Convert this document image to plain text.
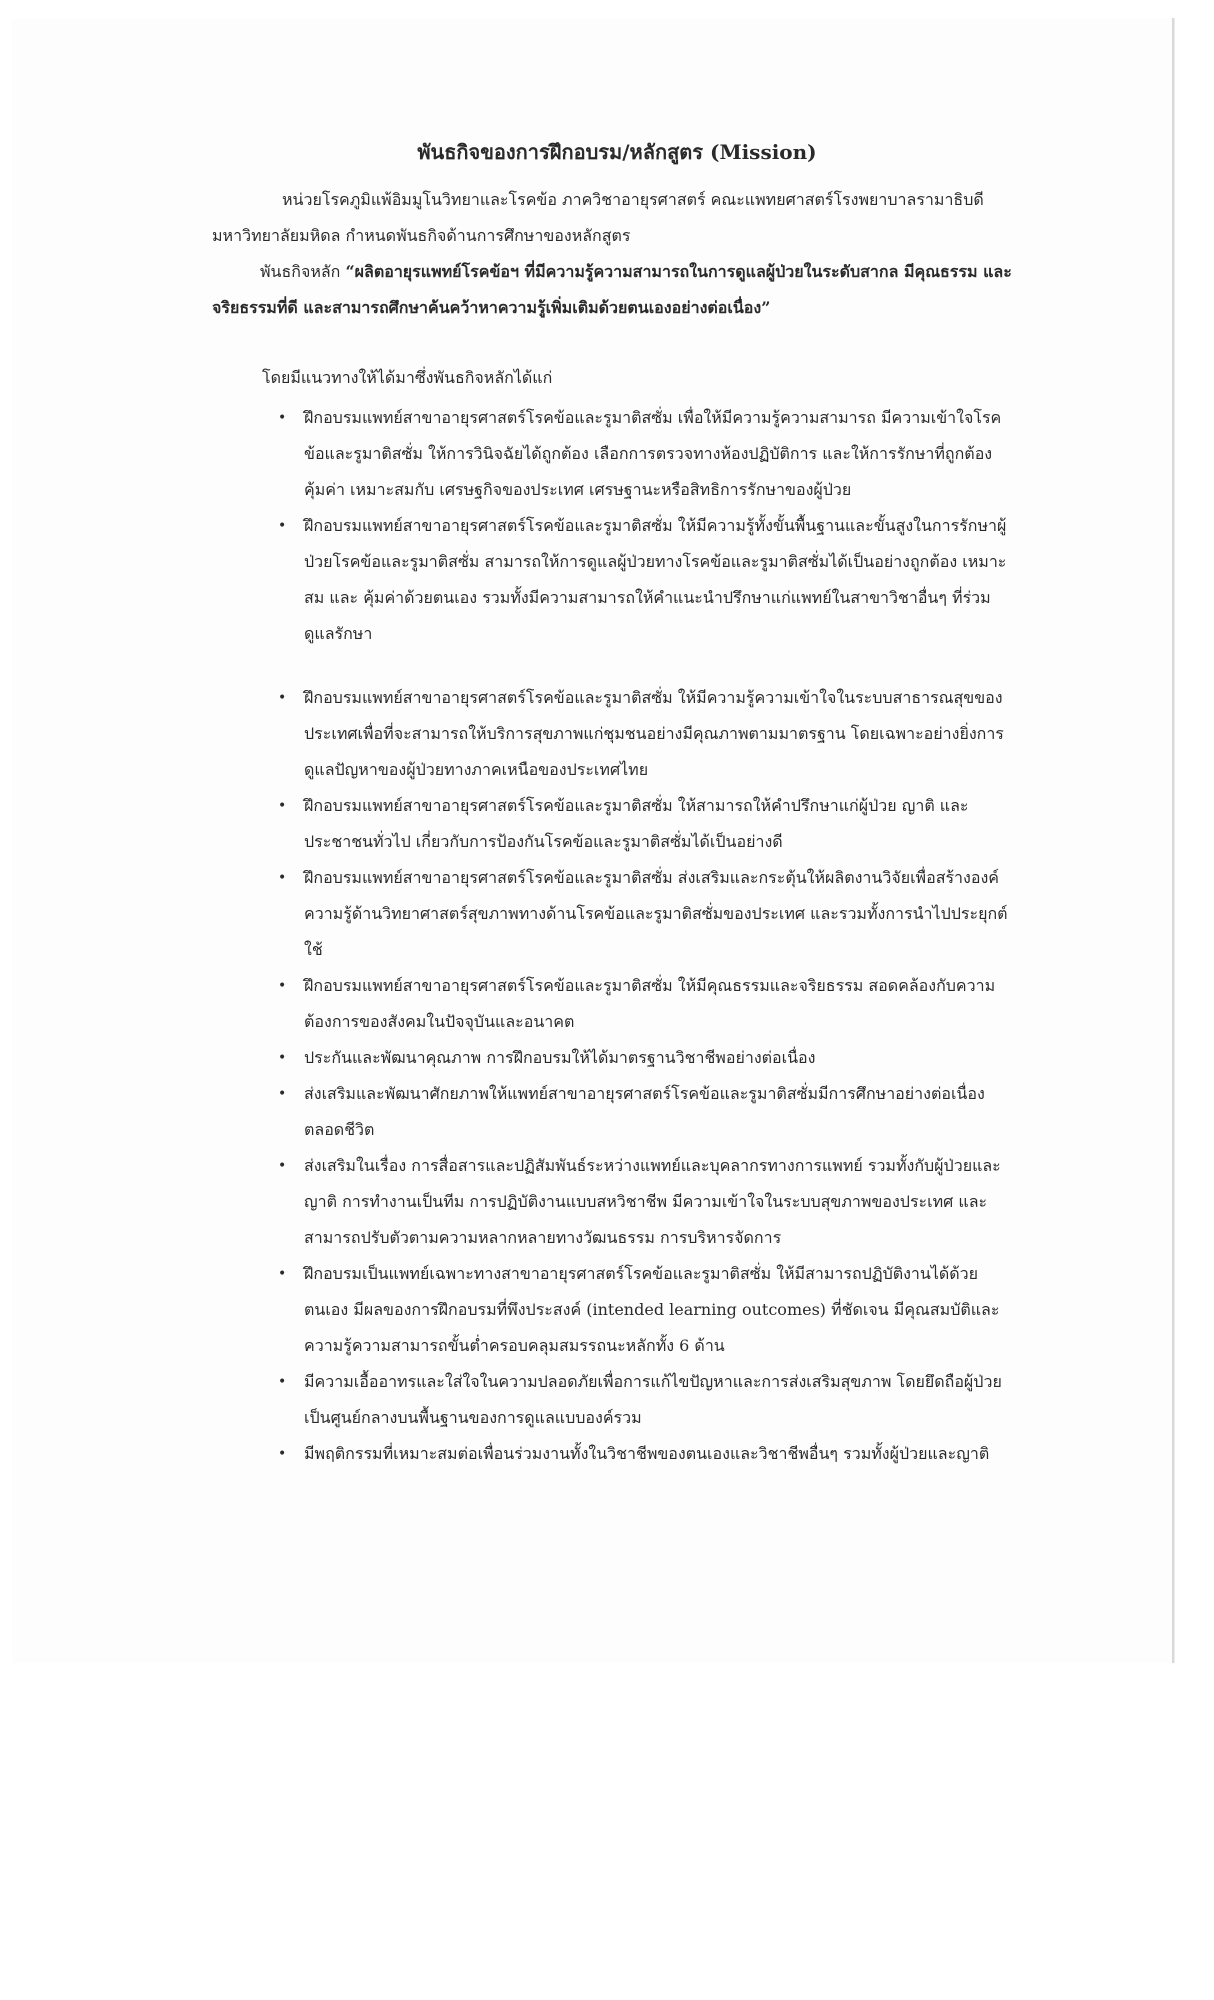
พันธกิจของการฝึกอบรม/หลักสูตร (Mission)

หน่วยโรคภูมิแพ้อิมมูโนวิทยาและโรคข้อ ภาควิชาอายุรศาสตร์ คณะแพทยศาสตร์โรงพยาบาลรามาธิบดี มหาวิทยาลัยมหิดล กำหนดพันธกิจด้านการศึกษาของหลักสูตร

พันธกิจหลัก “ผลิตอายุรแพทย์โรคข้อฯ ที่มีความรู้ความสามารถในการดูแลผู้ป่วยในระดับสากล มีคุณธรรม และจริยธรรมที่ดี และสามารถศึกษาค้นคว้าหาความรู้เพิ่มเติมด้วยตนเองอย่างต่อเนื่อง”

โดยมีแนวทางให้ได้มาซึ่งพันธกิจหลักได้แก่

• ฝึกอบรมแพทย์สาขาอายุรศาสตร์โรคข้อและรูมาติสซั่ม เพื่อให้มีความรู้ความสามารถ มีความเข้าใจโรคข้อและรูมาติสซั่ม ให้การวินิจฉัยได้ถูกต้อง เลือกการตรวจทางห้องปฏิบัติการ และให้การรักษาที่ถูกต้อง คุ้มค่า เหมาะสมกับ เศรษฐกิจของประเทศ เศรษฐานะหรือสิทธิการรักษาของผู้ป่วย
• ฝึกอบรมแพทย์สาขาอายุรศาสตร์โรคข้อและรูมาติสซั่ม ให้มีความรู้ทั้งขั้นพื้นฐานและขั้นสูงในการรักษาผู้ป่วยโรคข้อและรูมาติสซั่ม สามารถให้การดูแลผู้ป่วยทางโรคข้อและรูมาติสซั่มได้เป็นอย่างถูกต้อง เหมาะสม และ คุ้มค่าด้วยตนเอง รวมทั้งมีความสามารถให้คำแนะนำปรึกษาแก่แพทย์ในสาขาวิชาอื่นๆ ที่ร่วมดูแลรักษา
• ฝึกอบรมแพทย์สาขาอายุรศาสตร์โรคข้อและรูมาติสซั่ม ให้มีความรู้ความเข้าใจในระบบสาธารณสุขของประเทศเพื่อที่จะสามารถให้บริการสุขภาพแก่ชุมชนอย่างมีคุณภาพตามมาตรฐาน โดยเฉพาะอย่างยิ่งการดูแลปัญหาของผู้ป่วยทางภาคเหนือของประเทศไทย
• ฝึกอบรมแพทย์สาขาอายุรศาสตร์โรคข้อและรูมาติสซั่ม ให้สามารถให้คำปรึกษาแก่ผู้ป่วย ญาติ และประชาชนทั่วไป เกี่ยวกับการป้องกันโรคข้อและรูมาติสซั่มได้เป็นอย่างดี
• ฝึกอบรมแพทย์สาขาอายุรศาสตร์โรคข้อและรูมาติสซั่ม ส่งเสริมและกระตุ้นให้ผลิตงานวิจัยเพื่อสร้างองค์ความรู้ด้านวิทยาศาสตร์สุขภาพทางด้านโรคข้อและรูมาติสซั่มของประเทศ และรวมทั้งการนำไปประยุกต์ใช้
• ฝึกอบรมแพทย์สาขาอายุรศาสตร์โรคข้อและรูมาติสซั่ม ให้มีคุณธรรมและจริยธรรม สอดคล้องกับความต้องการของสังคมในปัจจุบันและอนาคต
• ประกันและพัฒนาคุณภาพ การฝึกอบรมให้ได้มาตรฐานวิชาชีพอย่างต่อเนื่อง
• ส่งเสริมและพัฒนาศักยภาพให้แพทย์สาขาอายุรศาสตร์โรคข้อและรูมาติสซั่มมีการศึกษาอย่างต่อเนื่องตลอดชีวิต
• ส่งเสริมในเรื่อง การสื่อสารและปฏิสัมพันธ์ระหว่างแพทย์และบุคลากรทางการแพทย์ รวมทั้งกับผู้ป่วยและญาติ การทำงานเป็นทีม การปฏิบัติงานแบบสหวิชาชีพ มีความเข้าใจในระบบสุขภาพของประเทศ และสามารถปรับตัวตามความหลากหลายทางวัฒนธรรม การบริหารจัดการ
• ฝึกอบรมเป็นแพทย์เฉพาะทางสาขาอายุรศาสตร์โรคข้อและรูมาติสซั่ม ให้มีสามารถปฏิบัติงานได้ด้วยตนเอง มีผลของการฝึกอบรมที่พึงประสงค์ (intended learning outcomes) ที่ชัดเจน มีคุณสมบัติและความรู้ความสามารถขั้นต่ำครอบคลุมสมรรถนะหลักทั้ง 6 ด้าน
• มีความเอื้ออาทรและใส่ใจในความปลอดภัยเพื่อการแก้ไขปัญหาและการส่งเสริมสุขภาพ โดยยึดถือผู้ป่วยเป็นศูนย์กลางบนพื้นฐานของการดูแลแบบองค์รวม
• มีพฤติกรรมที่เหมาะสมต่อเพื่อนร่วมงานทั้งในวิชาชีพของตนเองและวิชาชีพอื่นๆ รวมทั้งผู้ป่วยและญาติ
